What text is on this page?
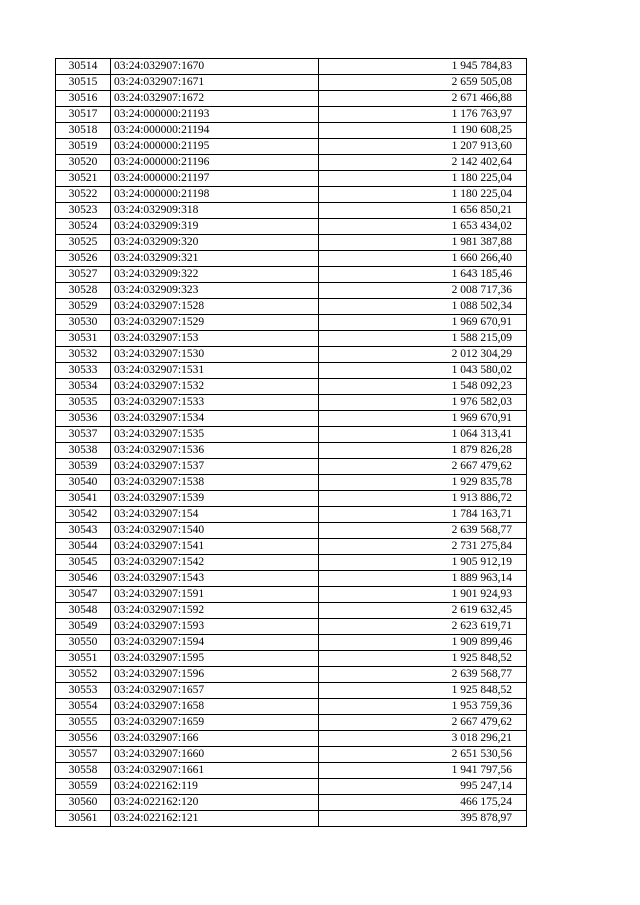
30514	03:24:032907:1670	1 945 784,83
30515	03:24:032907:1671	2 659 505,08
30516	03:24:032907:1672	2 671 466,88
30517	03:24:000000:21193	1 176 763,97
30518	03:24:000000:21194	1 190 608,25
30519	03:24:000000:21195	1 207 913,60
30520	03:24:000000:21196	2 142 402,64
30521	03:24:000000:21197	1 180 225,04
30522	03:24:000000:21198	1 180 225,04
30523	03:24:032909:318	1 656 850,21
30524	03:24:032909:319	1 653 434,02
30525	03:24:032909:320	1 981 387,88
30526	03:24:032909:321	1 660 266,40
30527	03:24:032909:322	1 643 185,46
30528	03:24:032909:323	2 008 717,36
30529	03:24:032907:1528	1 088 502,34
30530	03:24:032907:1529	1 969 670,91
30531	03:24:032907:153	1 588 215,09
30532	03:24:032907:1530	2 012 304,29
30533	03:24:032907:1531	1 043 580,02
30534	03:24:032907:1532	1 548 092,23
30535	03:24:032907:1533	1 976 582,03
30536	03:24:032907:1534	1 969 670,91
30537	03:24:032907:1535	1 064 313,41
30538	03:24:032907:1536	1 879 826,28
30539	03:24:032907:1537	2 667 479,62
30540	03:24:032907:1538	1 929 835,78
30541	03:24:032907:1539	1 913 886,72
30542	03:24:032907:154	1 784 163,71
30543	03:24:032907:1540	2 639 568,77
30544	03:24:032907:1541	2 731 275,84
30545	03:24:032907:1542	1 905 912,19
30546	03:24:032907:1543	1 889 963,14
30547	03:24:032907:1591	1 901 924,93
30548	03:24:032907:1592	2 619 632,45
30549	03:24:032907:1593	2 623 619,71
30550	03:24:032907:1594	1 909 899,46
30551	03:24:032907:1595	1 925 848,52
30552	03:24:032907:1596	2 639 568,77
30553	03:24:032907:1657	1 925 848,52
30554	03:24:032907:1658	1 953 759,36
30555	03:24:032907:1659	2 667 479,62
30556	03:24:032907:166	3 018 296,21
30557	03:24:032907:1660	2 651 530,56
30558	03:24:032907:1661	1 941 797,56
30559	03:24:022162:119	995 247,14
30560	03:24:022162:120	466 175,24
30561	03:24:022162:121	395 878,97
